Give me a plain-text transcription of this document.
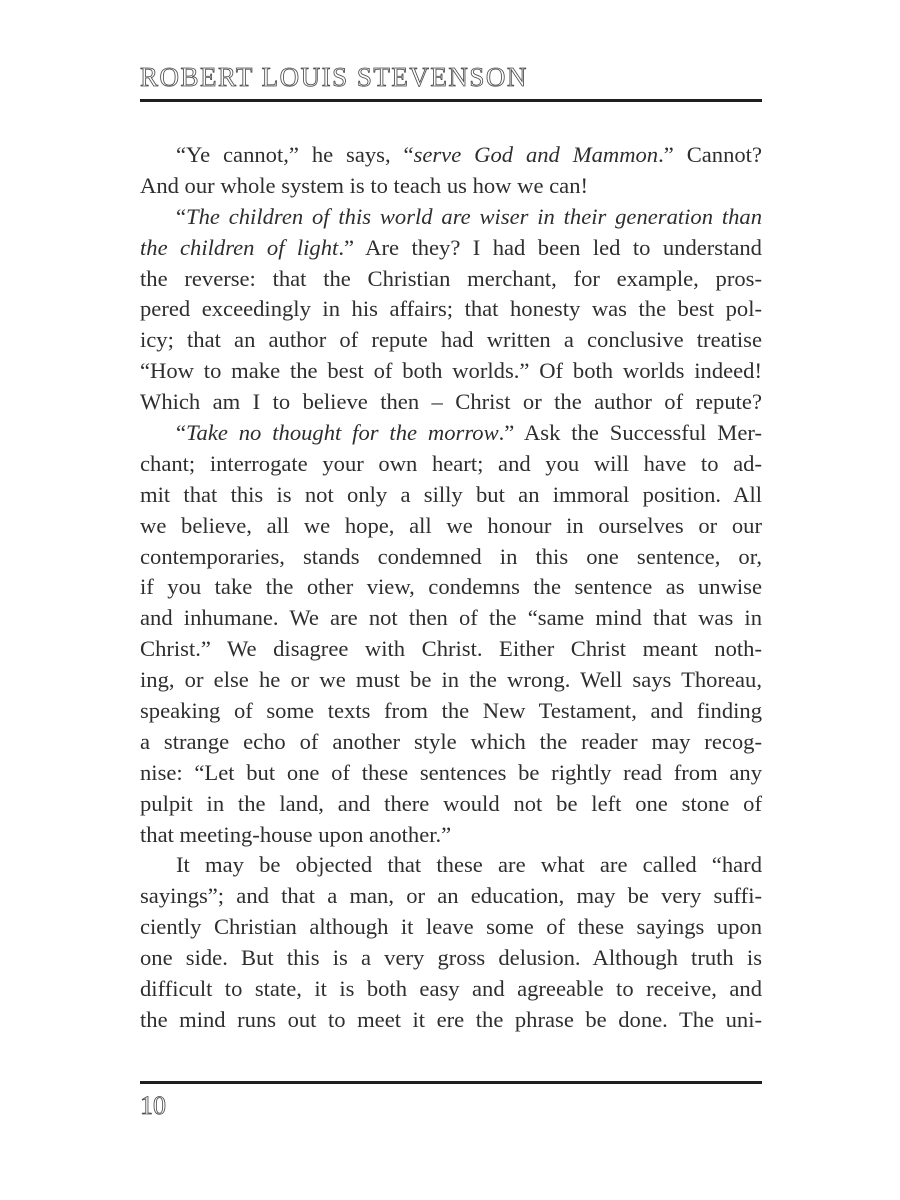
ROBERT LOUIS STEVENSON
“Ye cannot,” he says, “serve God and Mammon.” Cannot?
And our whole system is to teach us how we can!
“The children of this world are wiser in their generation than
the children of light.” Are they? I had been led to understand
the reverse: that the Christian merchant, for example, pros-
pered exceedingly in his affairs; that honesty was the best pol-
icy; that an author of repute had written a conclusive treatise
“How to make the best of both worlds.” Of both worlds indeed!
Which am I to believe then – Christ or the author of repute?
“Take no thought for the morrow.” Ask the Successful Mer-
chant; interrogate your own heart; and you will have to ad-
mit that this is not only a silly but an immoral position. All
we believe, all we hope, all we honour in ourselves or our
contemporaries, stands condemned in this one sentence, or,
if you take the other view, condemns the sentence as unwise
and inhumane. We are not then of the “same mind that was in
Christ.” We disagree with Christ. Either Christ meant noth-
ing, or else he or we must be in the wrong. Well says Thoreau,
speaking of some texts from the New Testament, and finding
a strange echo of another style which the reader may recog-
nise: “Let but one of these sentences be rightly read from any
pulpit in the land, and there would not be left one stone of
that meeting-house upon another.”
It may be objected that these are what are called “hard
sayings”; and that a man, or an education, may be very suffi-
ciently Christian although it leave some of these sayings upon
one side. But this is a very gross delusion. Although truth is
difficult to state, it is both easy and agreeable to receive, and
the mind runs out to meet it ere the phrase be done. The uni-
10
